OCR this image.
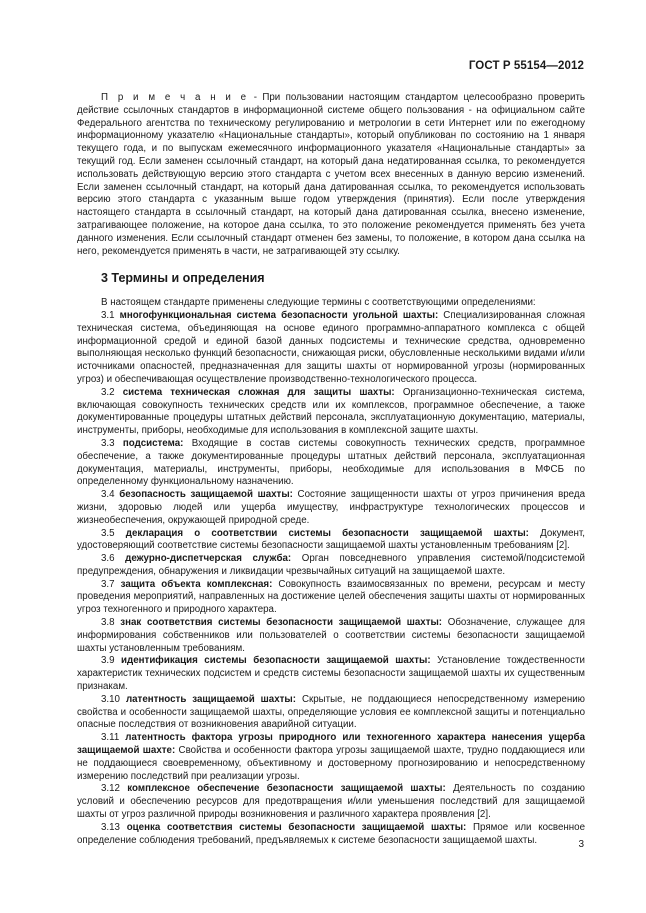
ГОСТ Р 55154—2012

П р и м е ч а н и е - При пользовании настоящим стандартом целесообразно проверить действие ссылочных стандартов в информационной системе общего пользования - на официальном сайте Федерального агентства по техническому регулированию и метрологии в сети Интернет или по ежегодному информационному указателю «Национальные стандарты», который опубликован по состоянию на 1 января текущего года, и по выпускам ежемесячного информационного указателя «Национальные стандарты» за текущий год. Если заменен ссылочный стандарт, на который дана недатированная ссылка, то рекомендуется использовать действующую версию этого стандарта с учетом всех внесенных в данную версию изменений. Если заменен ссылочный стандарт, на который дана датированная ссылка, то рекомендуется использовать версию этого стандарта с указанным выше годом утверждения (принятия). Если после утверждения настоящего стандарта в ссылочный стандарт, на который дана датированная ссылка, внесено изменение, затрагивающее положение, на которое дана ссылка, то это положение рекомендуется применять без учета данного изменения. Если ссылочный стандарт отменен без замены, то положение, в котором дана ссылка на него, рекомендуется применять в части, не затрагивающей эту ссылку.

3 Термины и определения

В настоящем стандарте применены следующие термины с соответствующими определениями:

3.1 многофункциональная система безопасности угольной шахты: Специализированная сложная техническая система, объединяющая на основе единого программно-аппаратного комплекса с общей информационной средой и единой базой данных подсистемы и технические средства, одновременно выполняющая несколько функций безопасности, снижающая риски, обусловленные несколькими видами и/или источниками опасностей, предназначенная для защиты шахты от нормированной угрозы (нормированных угроз) и обеспечивающая осуществление производственно-технологического процесса.

3.2 система техническая сложная для защиты шахты: Организационно-техническая система, включающая совокупность технических средств или их комплексов, программное обеспечение, а также документированные процедуры штатных действий персонала, эксплуатационную документацию, материалы, инструменты, приборы, необходимые для использования в комплексной защите шахты.

3.3 подсистема: Входящие в состав системы совокупность технических средств, программное обеспечение, а также документированные процедуры штатных действий персонала, эксплуатационная документация, материалы, инструменты, приборы, необходимые для использования в МФСБ по определенному функциональному назначению.

3.4 безопасность защищаемой шахты: Состояние защищенности шахты от угроз причинения вреда жизни, здоровью людей или ущерба имуществу, инфраструктуре технологических процессов и жизнеобеспечения, окружающей природной среде.

3.5 декларация о соответствии системы безопасности защищаемой шахты: Документ, удостоверяющий соответствие системы безопасности защищаемой шахты установленным требованиям [2].

3.6 дежурно-диспетчерская служба: Орган повседневного управления системой/подсистемой предупреждения, обнаружения и ликвидации чрезвычайных ситуаций на защищаемой шахте.

3.7 защита объекта комплексная: Совокупность взаимосвязанных по времени, ресурсам и месту проведения мероприятий, направленных на достижение целей обеспечения защиты шахты от нормированных угроз техногенного и природного характера.

3.8 знак соответствия системы безопасности защищаемой шахты: Обозначение, служащее для информирования собственников или пользователей о соответствии системы безопасности защищаемой шахты установленным требованиям.

3.9 идентификация системы безопасности защищаемой шахты: Установление тождественности характеристик технических подсистем и средств системы безопасности защищаемой шахты их существенным признакам.

3.10 латентность защищаемой шахты: Скрытые, не поддающиеся непосредственному измерению свойства и особенности защищаемой шахты, определяющие условия ее комплексной защиты и потенциально опасные последствия от возникновения аварийной ситуации.

3.11 латентность фактора угрозы природного или техногенного характера нанесения ущерба защищаемой шахте: Свойства и особенности фактора угрозы защищаемой шахте, трудно поддающиеся или не поддающиеся своевременному, объективному и достоверному прогнозированию и непосредственному измерению последствий при реализации угрозы.

3.12 комплексное обеспечение безопасности защищаемой шахты: Деятельность по созданию условий и обеспечению ресурсов для предотвращения и/или уменьшения последствий для защищаемой шахты от угроз различной природы возникновения и различного характера проявления [2].

3.13 оценка соответствия системы безопасности защищаемой шахты: Прямое или косвенное определение соблюдения требований, предъявляемых к системе безопасности защищаемой шахты.	3
